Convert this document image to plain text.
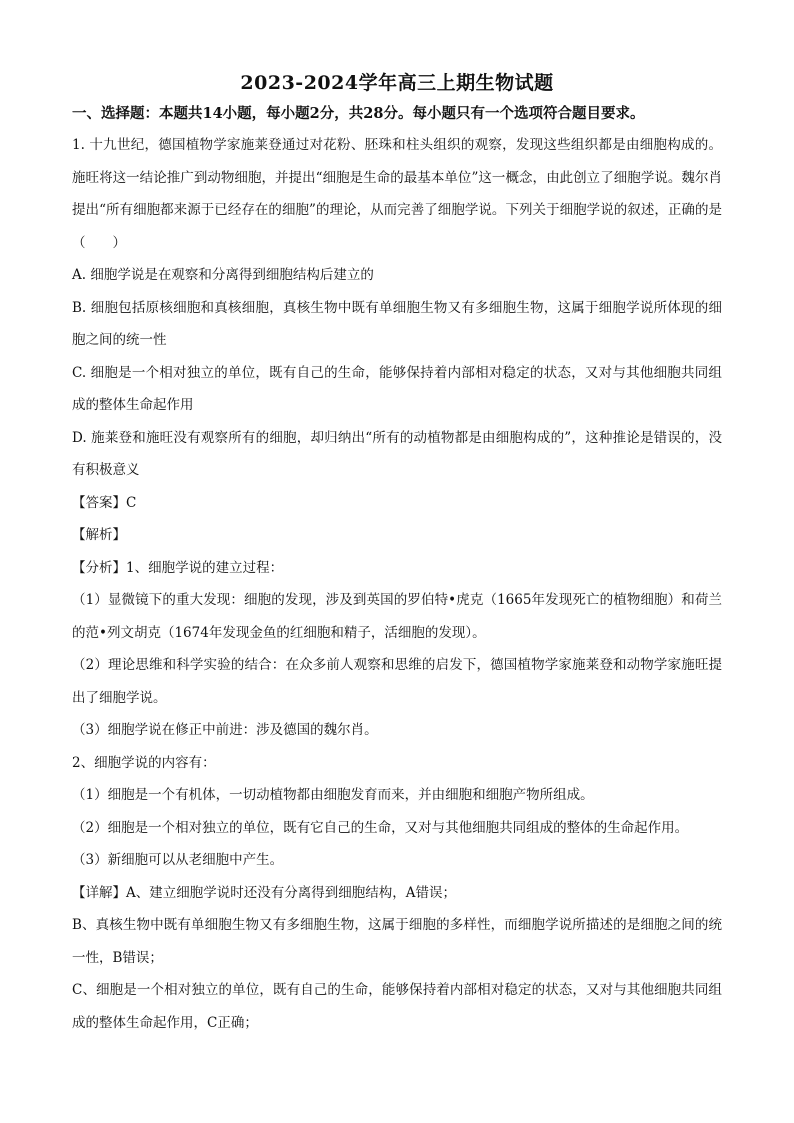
2023-2024学年高三上期生物试题
一、选择题：本题共14小题，每小题2分，共28分。每小题只有一个选项符合题目要求。

1. 十九世纪，德国植物学家施莱登通过对花粉、胚珠和柱头组织的观察，发现这些组织都是由细胞构成的。施旺将这一结论推广到动物细胞，并提出“细胞是生命的最基本单位”这一概念，由此创立了细胞学说。魏尔肖提出“所有细胞都来源于已经存在的细胞”的理论，从而完善了细胞学说。下列关于细胞学说的叙述，正确的是（　　）

A. 细胞学说是在观察和分离得到细胞结构后建立的

B. 细胞包括原核细胞和真核细胞，真核生物中既有单细胞生物又有多细胞生物，这属于细胞学说所体现的细胞之间的统一性

C. 细胞是一个相对独立的单位，既有自己的生命，能够保持着内部相对稳定的状态，又对与其他细胞共同组成的整体生命起作用

D. 施莱登和施旺没有观察所有的细胞，却归纳出“所有的动植物都是由细胞构成的”，这种推论是错误的，没有积极意义

【答案】C

【解析】

【分析】1、细胞学说的建立过程：

（1）显微镜下的重大发现：细胞的发现，涉及到英国的罗伯特•虎克（1665年发现死亡的植物细胞）和荷兰的范•列文胡克（1674年发现金鱼的红细胞和精子，活细胞的发现）。

（2）理论思维和科学实验的结合：在众多前人观察和思维的启发下，德国植物学家施莱登和动物学家施旺提出了细胞学说。

（3）细胞学说在修正中前进：涉及德国的魏尔肖。

2、细胞学说的内容有：

（1）细胞是一个有机体，一切动植物都由细胞发育而来，并由细胞和细胞产物所组成。

（2）细胞是一个相对独立的单位，既有它自己的生命，又对与其他细胞共同组成的整体的生命起作用。

（3）新细胞可以从老细胞中产生。

【详解】A、建立细胞学说时还没有分离得到细胞结构，A错误；

B、真核生物中既有单细胞生物又有多细胞生物，这属于细胞的多样性，而细胞学说所描述的是细胞之间的统一性，B错误；

C、细胞是一个相对独立的单位，既有自己的生命，能够保持着内部相对稳定的状态，又对与其他细胞共同组成的整体生命起作用，C正确；
